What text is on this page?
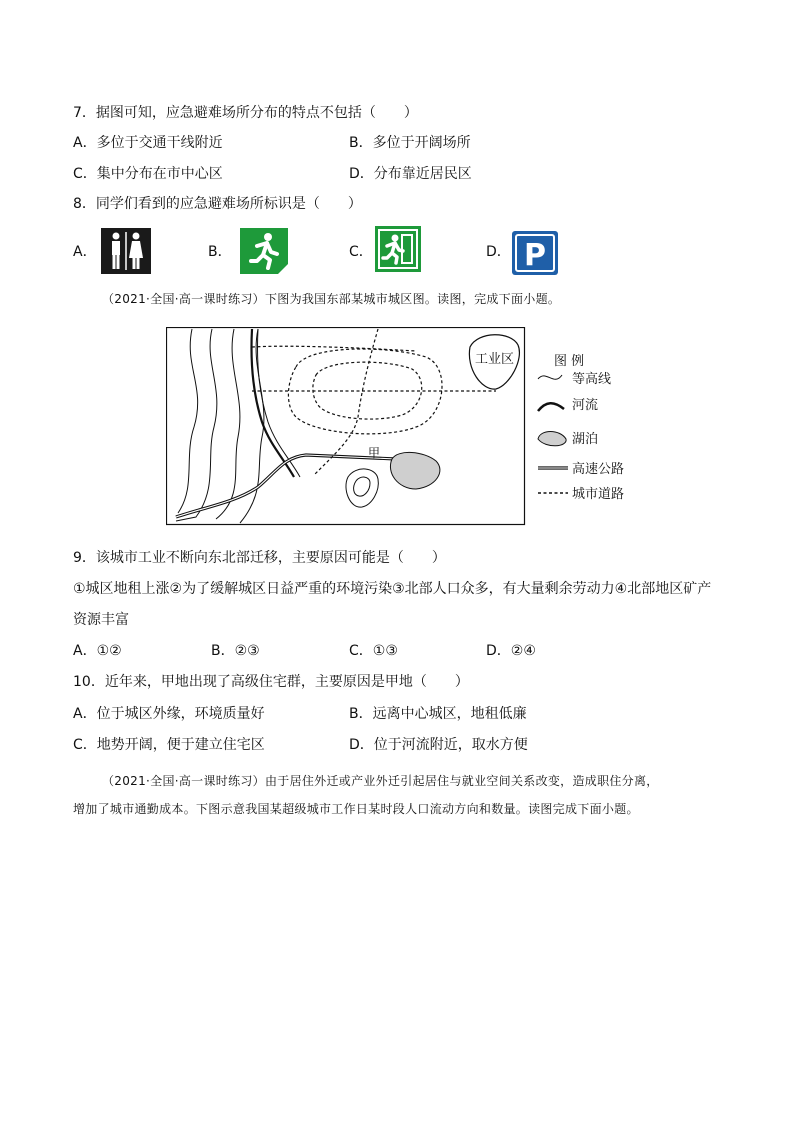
7．据图可知，应急避难场所分布的特点不包括（　　）
A．多位于交通干线附近	B．多位于开阔场所
C．集中分布在市中心区	D．分布靠近居民区
8．同学们看到的应急避难场所标识是（　　）
A．	B．	C．	D． P
（2021·全国·高一课时练习）下图为我国东部某城市城区图。读图，完成下面小题。
工业区
甲
图 例
等高线
河流
湖泊
高速公路
城市道路
9．该城市工业不断向东北部迁移，主要原因可能是（　　）
①城区地租上涨②为了缓解城区日益严重的环境污染③北部人口众多，有大量剩余劳动力④北部地区矿产
资源丰富
A．①②	B．②③	C．①③	D．②④
10．近年来，甲地出现了高级住宅群，主要原因是甲地（　　）
A．位于城区外缘，环境质量好	B．远离中心城区，地租低廉
C．地势开阔，便于建立住宅区	D．位于河流附近，取水方便
（2021·全国·高一课时练习）由于居住外迁或产业外迁引起居住与就业空间关系改变，造成职住分离，
增加了城市通勤成本。下图示意我国某超级城市工作日某时段人口流动方向和数量。读图完成下面小题。
